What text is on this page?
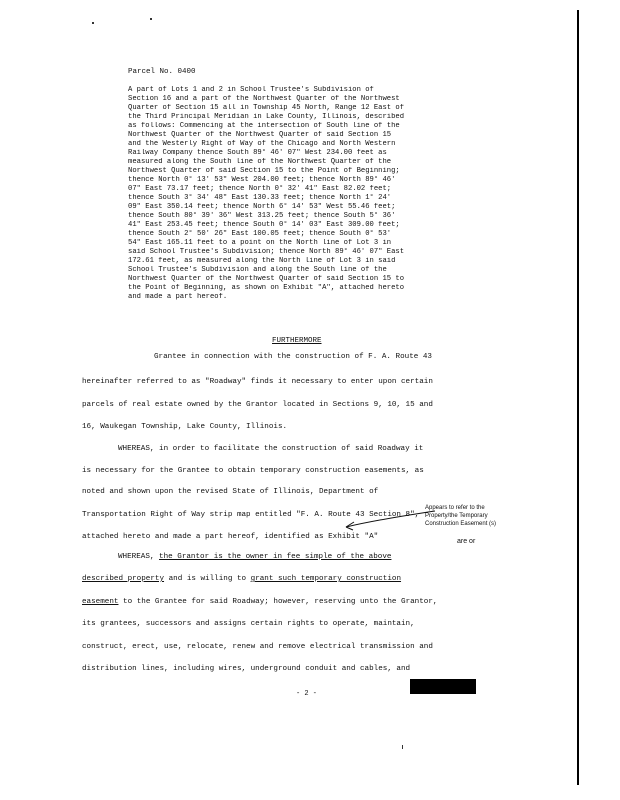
Parcel No. 0400
A part of Lots 1 and 2 in School Trustee's Subdivision of
Section 16 and a part of the Northwest Quarter of the Northwest
Quarter of Section 15 all in Township 45 North, Range 12 East of
the Third Principal Meridian in Lake County, Illinois, described
as follows: Commencing at the intersection of South line of the
Northwest Quarter of the Northwest Quarter of said Section 15
and the Westerly Right of Way of the Chicago and North Western
Railway Company thence South 89° 46' 07" West 234.00 feet as
measured along the South line of the Northwest Quarter of the
Northwest Quarter of said Section 15 to the Point of Beginning;
thence North 0° 13' 53" West 204.00 feet; thence North 89° 46'
07" East 73.17 feet; thence North 0° 32' 41" East 82.02 feet;
thence South 3° 34' 48" East 130.33 feet; thence North 1° 24'
09" East 350.14 feet; thence North 6° 14' 53" West 55.46 feet;
thence South 80° 39' 36" West 313.25 feet; thence South 5° 36'
41" East 253.45 feet; thence South 0° 14' 03" East 309.00 feet;
thence South 2° 50' 26" East 100.05 feet; thence South 0° 53'
54" East 165.11 feet to a point on the North line of Lot 3 in
said School Trustee's Subdivision; thence North 89° 46' 07" East
172.61 feet, as measured along the North line of Lot 3 in said
School Trustee's Subdivision and along the South line of the
Northwest Quarter of the Northwest Quarter of said Section 15 to
the Point of Beginning, as shown on Exhibit "A", attached hereto
and made a part hereof.
FURTHERMORE
Grantee in connection with the construction of F. A. Route 43
hereinafter referred to as "Roadway" finds it necessary to enter upon certain
parcels of real estate owned by the Grantor located in Sections 9, 10, 15 and
16, Waukegan Township, Lake County, Illinois.
WHEREAS, in order to facilitate the construction of said Roadway it
is necessary for the Grantee to obtain temporary construction easements, as
noted and shown upon the revised State of Illinois, Department of
Transportation Right of Way strip map entitled "F. A. Route 43 Section 8",
attached hereto and made a part hereof, identified as Exhibit "A"
WHEREAS, the Grantor is the owner in fee simple of the above
described property and is willing to grant such temporary construction
easement to the Grantee for said Roadway; however, reserving unto the Grantor,
its grantees, successors and assigns certain rights to operate, maintain,
construct, erect, use, relocate, renew and remove electrical transmission and
distribution lines, including wires, underground conduit and cables, and
Appears to refer to the
Property/the Temporary
Construction Easement (s)
are or
- 2 -
